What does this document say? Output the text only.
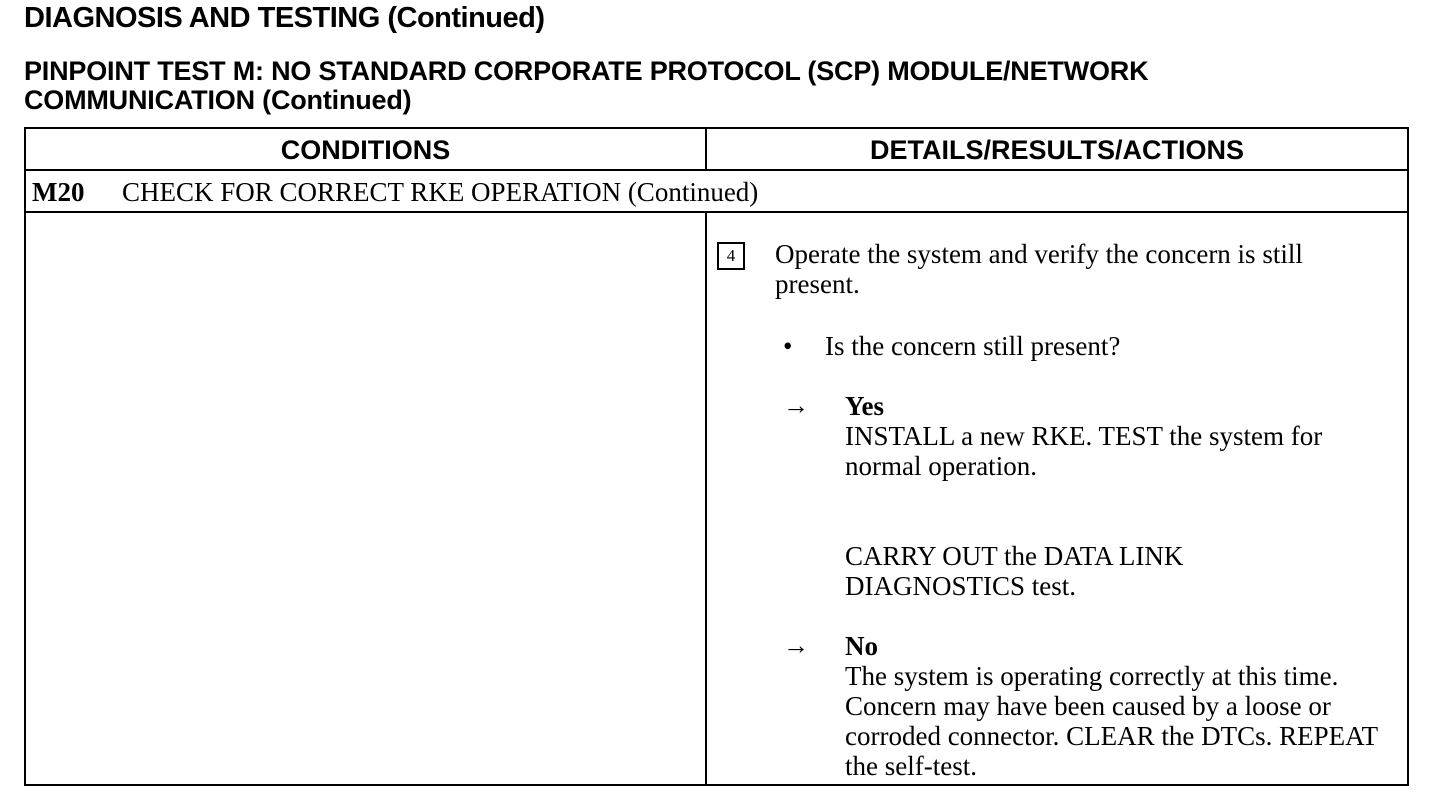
DIAGNOSIS AND TESTING (Continued)
PINPOINT TEST M: NO STANDARD CORPORATE PROTOCOL (SCP) MODULE/NETWORK
COMMUNICATION (Continued)
CONDITIONS	DETAILS/RESULTS/ACTIONS
M20 CHECK FOR CORRECT RKE OPERATION (Continued)
4	Operate the system and verify the concern is still present.
• Is the concern still present?
→ Yes
INSTALL a new RKE. TEST the system for normal operation.
CARRY OUT the DATA LINK DIAGNOSTICS test.
→ No
The system is operating correctly at this time. Concern may have been caused by a loose or corroded connector. CLEAR the DTCs. REPEAT the self-test.
